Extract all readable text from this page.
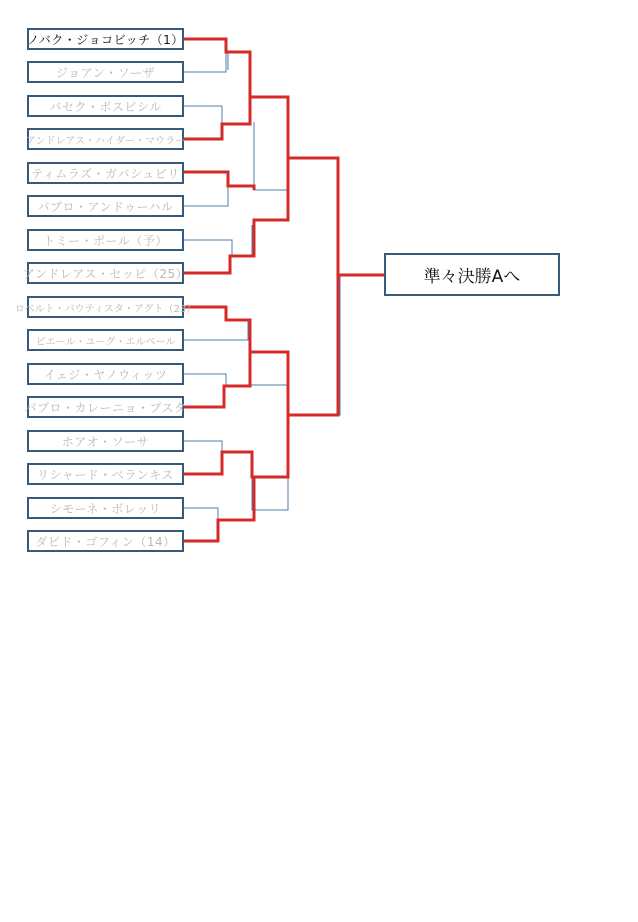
ノバク・ジョコビッチ（1）
ジョアン・ソーザ
バセク・ポスピシル
アンドレアス・ハイダー・マウラー
ティムラズ・ガバシュビリ
パブロ・アンドゥーハル
トミー・ポール（予）
アンドレアス・セッピ（25）
ロベルト・バウティスタ・アグト（23）
ピエール・ユーグ・エルベール
イェジ・ヤノウィッツ
パブロ・カレーニョ・ブスタ
ホアオ・ソーサ
リシャード・ベランキス
シモーネ・ボレッリ
ダビド・ゴフィン（14）
準々決勝Aへ
